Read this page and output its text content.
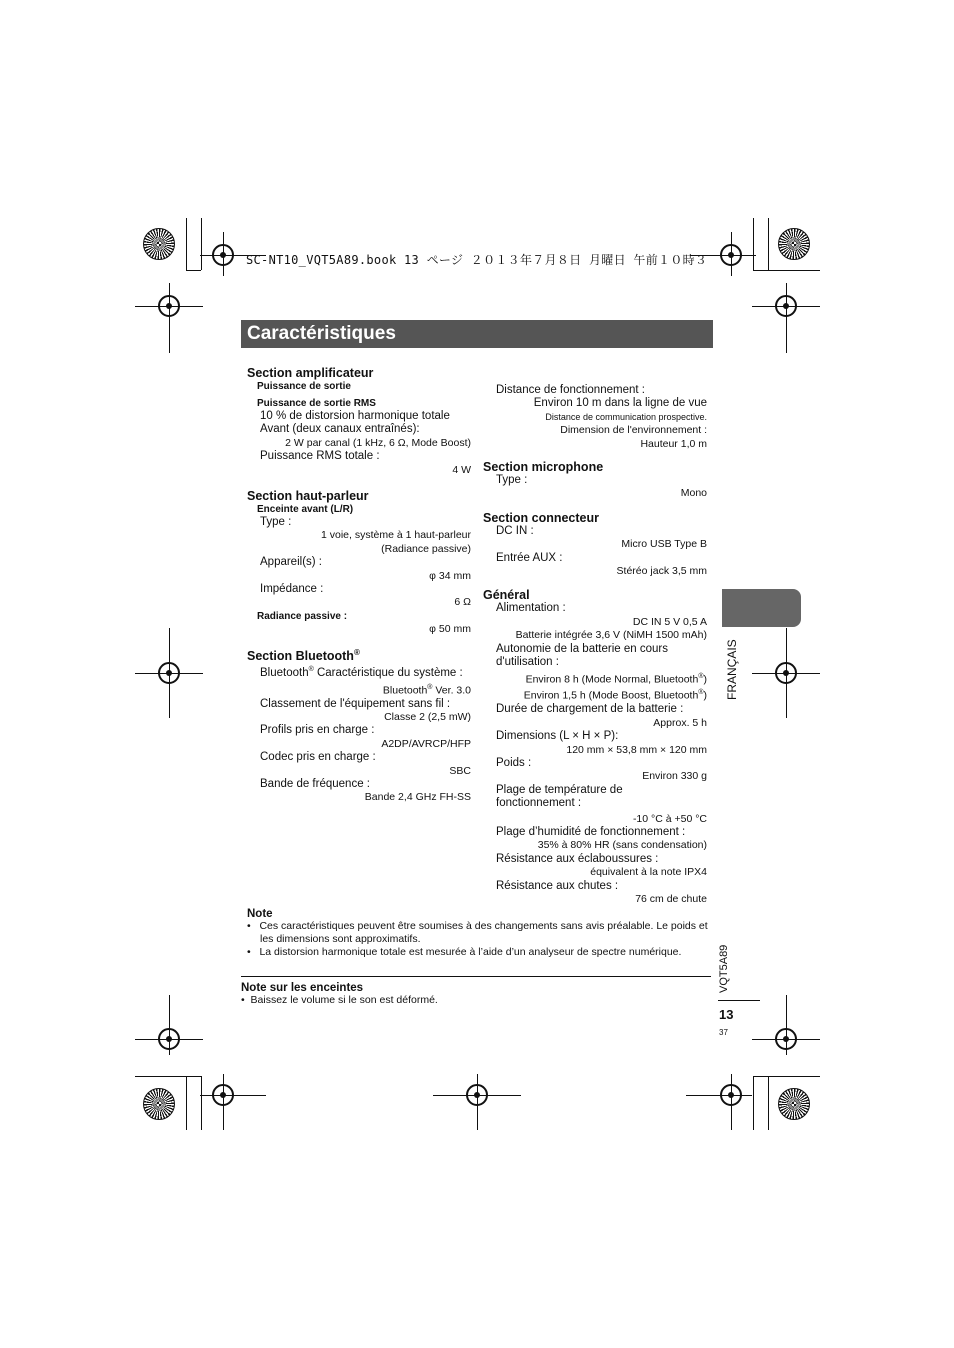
SC-NT10_VQT5A89.book 13 ページ ２０１３年７月８日 月曜日 午前１０時３
Caractéristiques
Section amplificateur
Puissance de sortie
Puissance de sortie RMS
10 % de distorsion harmonique totale
Avant (deux canaux entraînés):
2 W par canal (1 kHz, 6 Ω, Mode Boost)
Puissance RMS totale :
4 W
Section haut-parleur
Enceinte avant (L/R)
Type :
1 voie, système à 1 haut-parleur
(Radiance passive)
Appareil(s) :
φ 34 mm
Impédance :
6 Ω
Radiance passive :
φ 50 mm
Section Bluetooth®
Bluetooth® Caractéristique du système :
Bluetooth® Ver. 3.0
Classement de l'équipement sans fil :
Classe 2 (2,5 mW)
Profils pris en charge :
A2DP/AVRCP/HFP
Codec pris en charge :
SBC
Bande de fréquence :
Bande 2,4 GHz FH-SS
Distance de fonctionnement :
Environ 10 m dans la ligne de vue
Distance de communication prospective.
Dimension de l'environnement :
Hauteur 1,0 m
Section microphone
Type :
Mono
Section connecteur
DC IN :
Micro USB Type B
Entrée AUX :
Stéréo jack 3,5 mm
Général
Alimentation :
DC IN 5 V 0,5 A
Batterie intégrée 3,6 V (NiMH 1500 mAh)
Autonomie de la batterie en cours
d'utilisation :
Environ 8 h (Mode Normal, Bluetooth®)
Environ 1,5 h (Mode Boost, Bluetooth®)
Durée de chargement de la batterie :
Approx. 5 h
Dimensions (L × H × P):
120 mm × 53,8 mm × 120 mm
Poids :
Environ 330 g
Plage de température de
fonctionnement :
-10 °C à +50 °C
Plage d’humidité de fonctionnement :
35% à 80% HR (sans condensation)
Résistance aux éclaboussures :
équivalent à la note IPX4
Résistance aux chutes :
76 cm de chute
FRANÇAIS
VQT5A89
13
37
Note
•   Ces caractéristiques peuvent être soumises à des changements sans avis préalable. Le poids et les dimensions sont approximatifs.
•   La distorsion harmonique totale est mesurée à l’aide d’un analyseur de spectre numérique.
Note sur les enceintes
•  Baissez le volume si le son est déformé.
